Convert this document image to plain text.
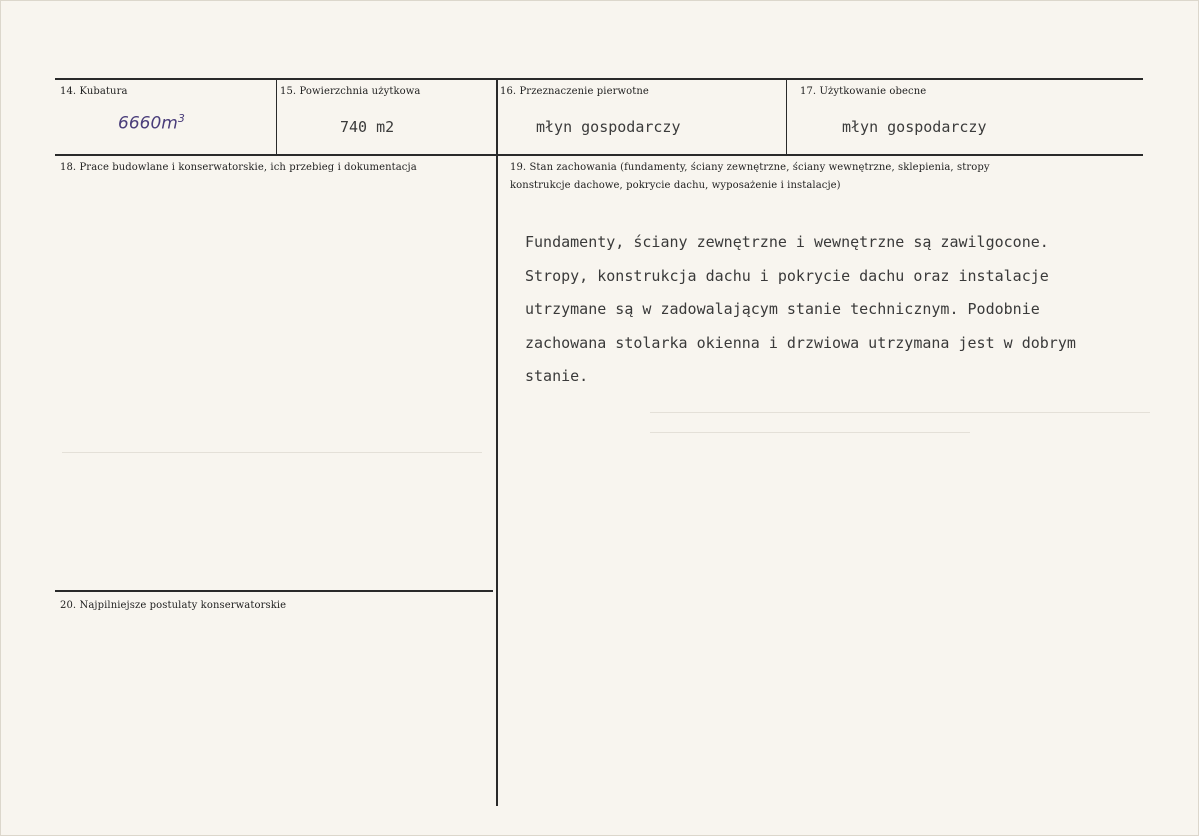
14. Kubatura
$6660m^3$
15. Powierzchnia użytkowa
740 m2
16. Przeznaczenie pierwotne
młyn gospodarczy
17. Użytkowanie obecne
młyn gospodarczy
18. Prace budowlane i konserwatorskie, ich przebieg i dokumentacja	19. Stan zachowania (fundamenty, ściany zewnętrzne, ściany wewnętrzne, sklepienia, stropy
konstrukcje dachowe, pokrycie dachu, wyposażenie i instalacje)
Fundamenty, ściany zewnętrzne i wewnętrzne są zawilgocone.
Stropy, konstrukcja dachu i pokrycie dachu oraz instalacje
utrzymane są w zadowalającym stanie technicznym. Podobnie
zachowana stolarka okienna i drzwiowa utrzymana jest w dobrym
stanie.
20. Najpilniejsze postulaty konserwatorskie
